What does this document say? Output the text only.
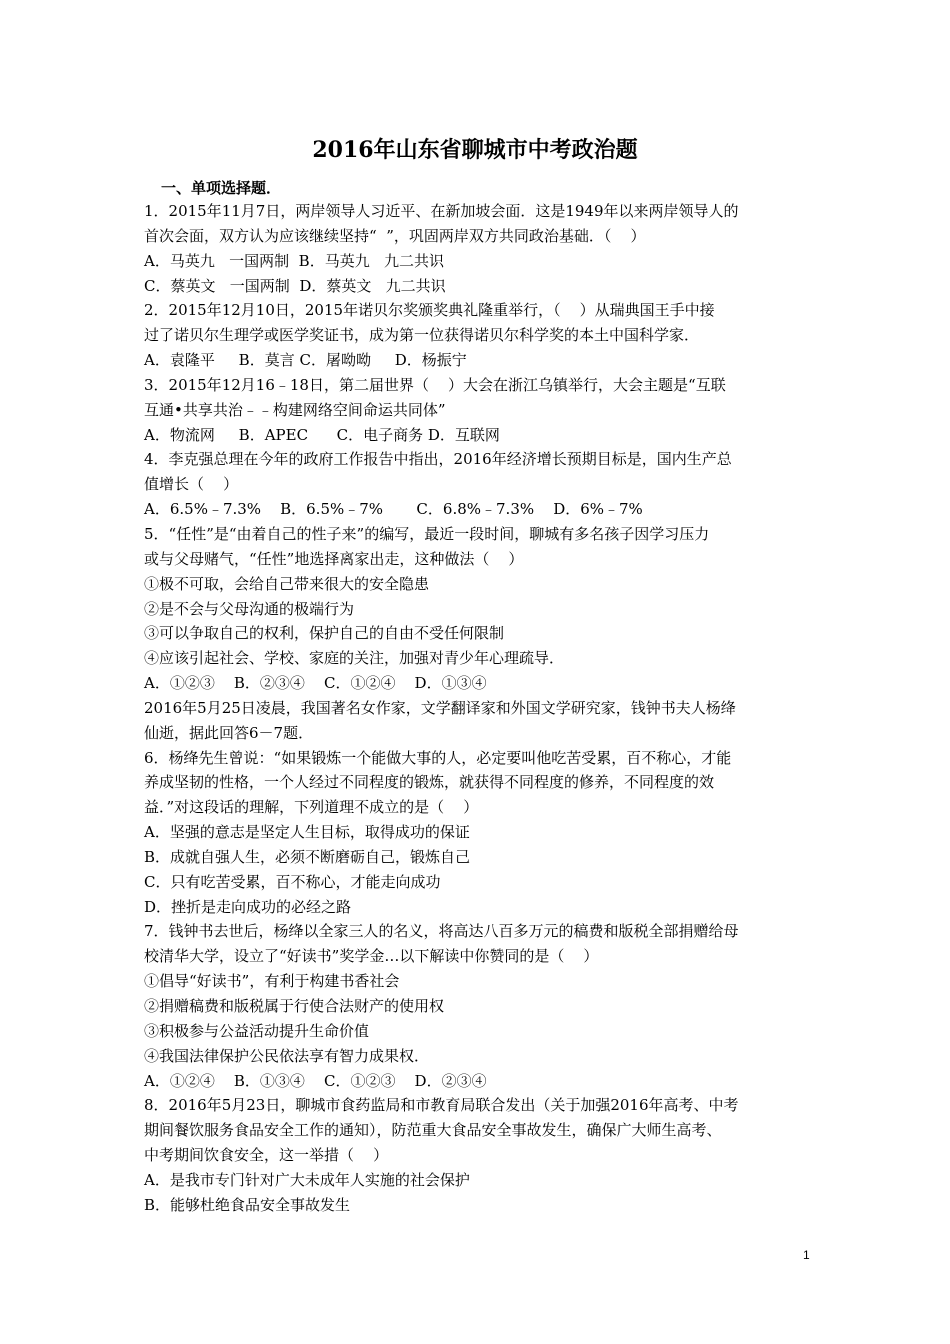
2016年山东省聊城市中考政治题
一、单项选择题．
1．2015年11月7日，两岸领导人习近平、在新加坡会面．这是1949年以来两岸领导人的
首次会面，双方认为应该继续坚持“  ”，巩固两岸双方共同政治基础．（    ）
A．马英九   一国两制  B．马英九   九二共识
C．蔡英文   一国两制  D．蔡英文   九二共识
2．2015年12月10日，2015年诺贝尔奖颁奖典礼隆重举行，（    ）从瑞典国王手中接
过了诺贝尔生理学或医学奖证书，成为第一位获得诺贝尔科学奖的本土中国科学家．
A．袁隆平     B．莫言 C．屠呦呦     D．杨振宁
3．2015年12月16﹣18日，第二届世界（    ）大会在浙江乌镇举行，大会主题是“互联
互通•共享共治﹣﹣构建网络空间命运共同体”
A．物流网     B．APEC      C．电子商务 D．互联网
4．李克强总理在今年的政府工作报告中指出，2016年经济增长预期目标是，国内生产总
值增长（    ）
A．6.5%﹣7.3%    B．6.5%﹣7%       C．6.8%﹣7.3%    D．6%﹣7%
5．“任性”是“由着自己的性子来”的编写，最近一段时间，聊城有多名孩子因学习压力
或与父母赌气，“任性”地选择离家出走，这种做法（    ）
①极不可取，会给自己带来很大的安全隐患
②是不会与父母沟通的极端行为
③可以争取自己的权利，保护自己的自由不受任何限制
④应该引起社会、学校、家庭的关注，加强对青少年心理疏导．
A．①②③    B．②③④    C．①②④    D．①③④
2016年5月25日凌晨，我国著名女作家，文学翻译家和外国文学研究家，钱钟书夫人杨绛
仙逝，据此回答6－7题．
6．杨绛先生曾说：“如果锻炼一个能做大事的人，必定要叫他吃苦受累，百不称心，才能
养成坚韧的性格，一个人经过不同程度的锻炼，就获得不同程度的修养，不同程度的效
益．”对这段话的理解，下列道理不成立的是（    ）
A．坚强的意志是坚定人生目标，取得成功的保证
B．成就自强人生，必须不断磨砺自己，锻炼自己
C．只有吃苦受累，百不称心，才能走向成功
D．挫折是走向成功的必经之路
7．钱钟书去世后，杨绛以全家三人的名义，将高达八百多万元的稿费和版税全部捐赠给母
校清华大学，设立了“好读书”奖学金…以下解读中你赞同的是（    ）
①倡导“好读书”，有利于构建书香社会
②捐赠稿费和版税属于行使合法财产的使用权
③积极参与公益活动提升生命价值
④我国法律保护公民依法享有智力成果权．
A．①②④    B．①③④    C．①②③    D．②③④
8．2016年5月23日，聊城市食药监局和市教育局联合发出（关于加强2016年高考、中考
期间餐饮服务食品安全工作的通知），防范重大食品安全事故发生，确保广大师生高考、
中考期间饮食安全，这一举措（    ）
A．是我市专门针对广大未成年人实施的社会保护
B．能够杜绝食品安全事故发生
1
